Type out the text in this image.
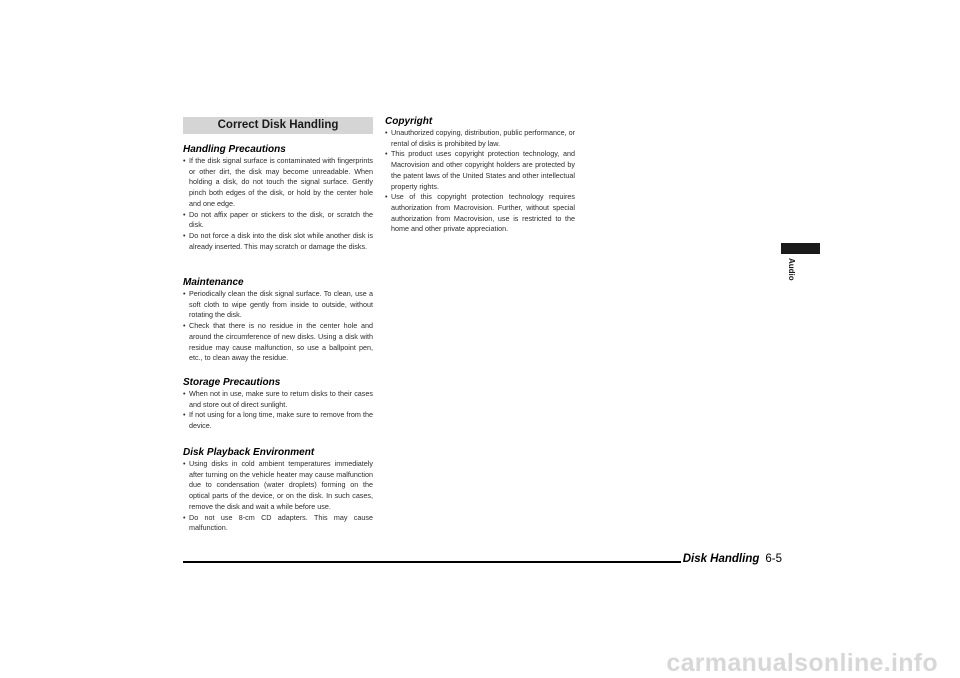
Correct Disk Handling
Handling Precautions
• If the disk signal surface is contaminated with fingerprints or other dirt, the disk may become unreadable. When holding a disk, do not touch the signal surface. Gently pinch both edges of the disk, or hold by the center hole and one edge.
• Do not affix paper or stickers to the disk, or scratch the disk.
• Do not force a disk into the disk slot while another disk is already inserted. This may scratch or damage the disks.
Maintenance
• Periodically clean the disk signal surface. To clean, use a soft cloth to wipe gently from inside to outside, without rotating the disk.
• Check that there is no residue in the center hole and around the circumference of new disks. Using a disk with residue may cause malfunction, so use a ballpoint pen, etc., to clean away the residue.
Storage Precautions
• When not in use, make sure to return disks to their cases and store out of direct sunlight.
• If not using for a long time, make sure to remove from the device.
Disk Playback Environment
• Using disks in cold ambient temperatures immediately after turning on the vehicle heater may cause malfunction due to condensation (water droplets) forming on the optical parts of the device, or on the disk. In such cases, remove the disk and wait a while before use.
• Do not use 8-cm CD adapters. This may cause malfunction.
Copyright
• Unauthorized copying, distribution, public performance, or rental of disks is prohibited by law.
• This product uses copyright protection technology, and Macrovision and other copyright holders are protected by the patent laws of the United States and other intellectual property rights.
• Use of this copyright protection technology requires authorization from Macrovision. Further, without special authorization from Macrovision, use is restricted to the home and other private appreciation.
Audio
Disk Handling 6-5
carmanualsonline.info
